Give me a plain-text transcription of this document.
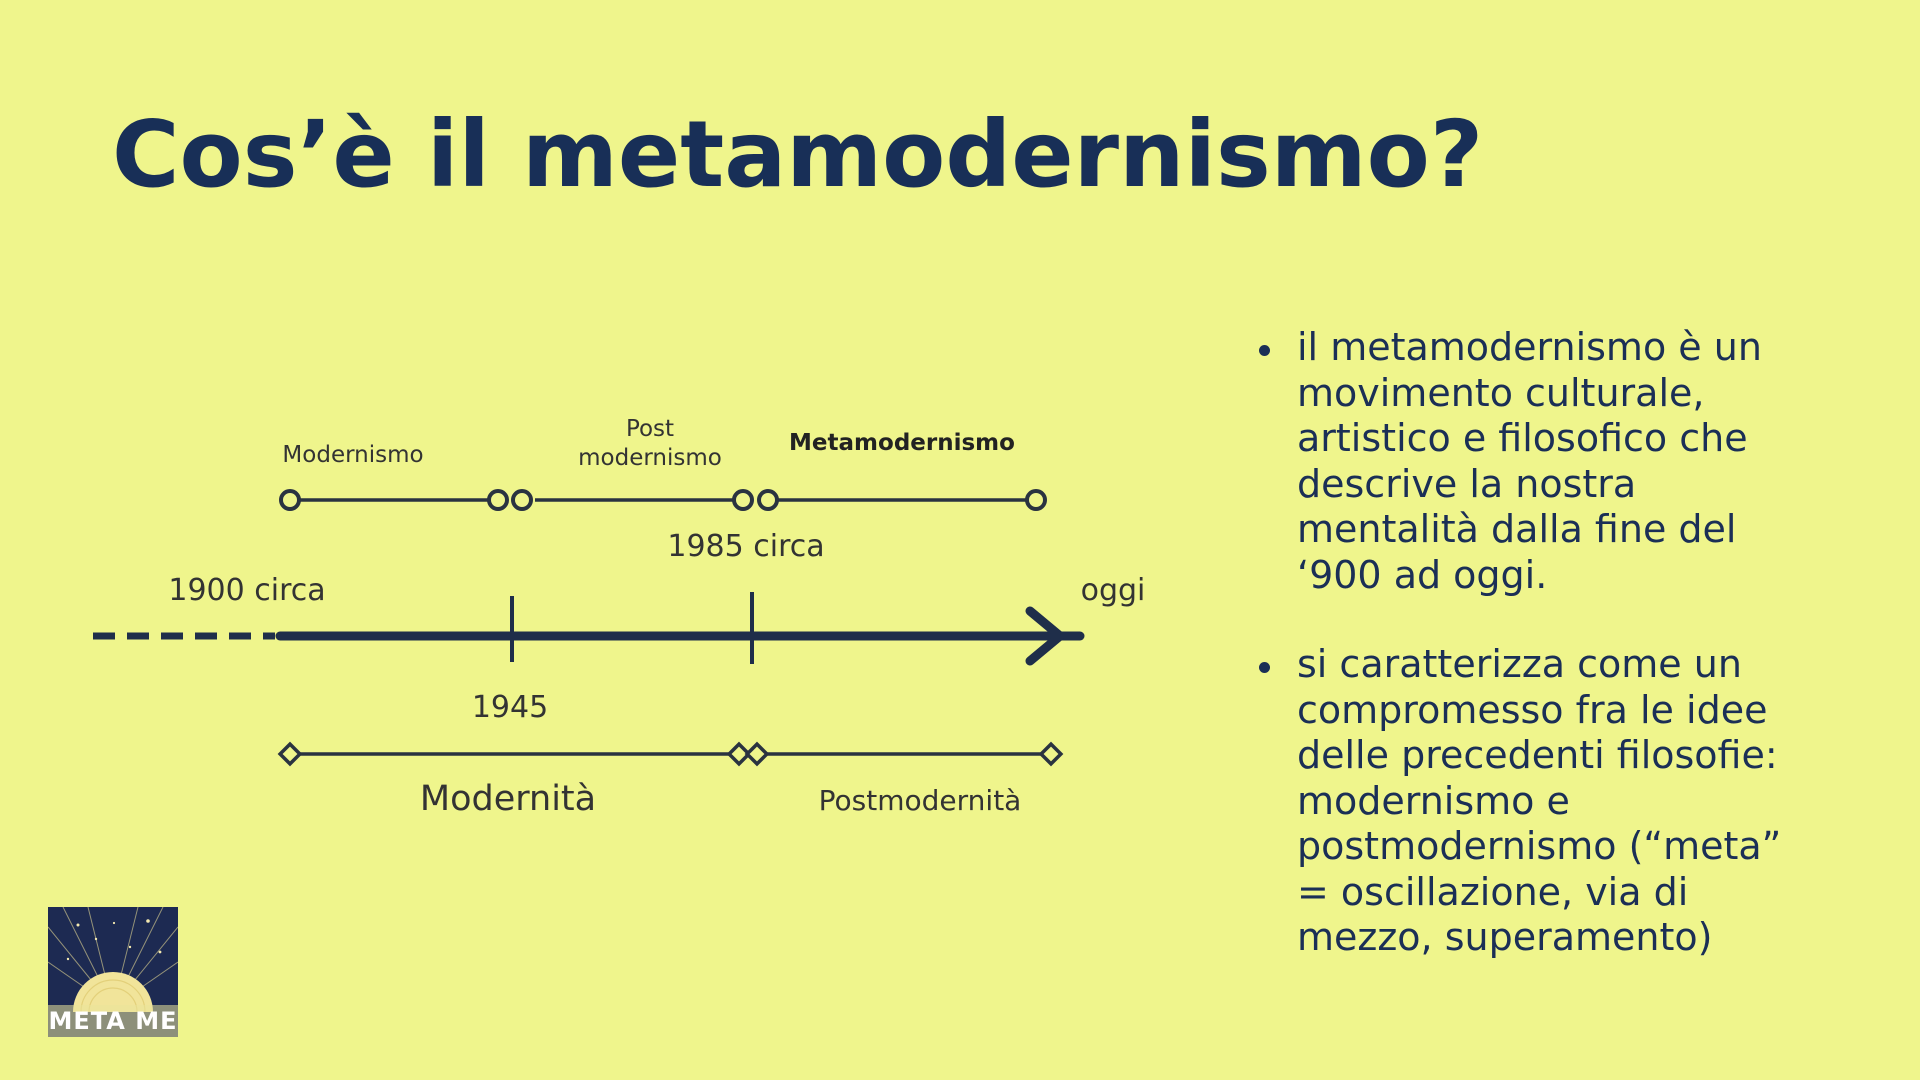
Cos’è il metamodernismo?
Modernismo
Post
modernismo
Metamodernismo
1900 circa
1985 circa
oggi
1945
Modernità	Postmodernità
il metamodernismo è un movimento culturale, artistico e filosofico che descrive la nostra mentalità dalla fine del ‘900 ad oggi.
si caratterizza come un compromesso fra le idee delle precedenti filosofie: modernismo e postmodernismo (“meta” = oscillazione, via di mezzo, superamento)
META ME
